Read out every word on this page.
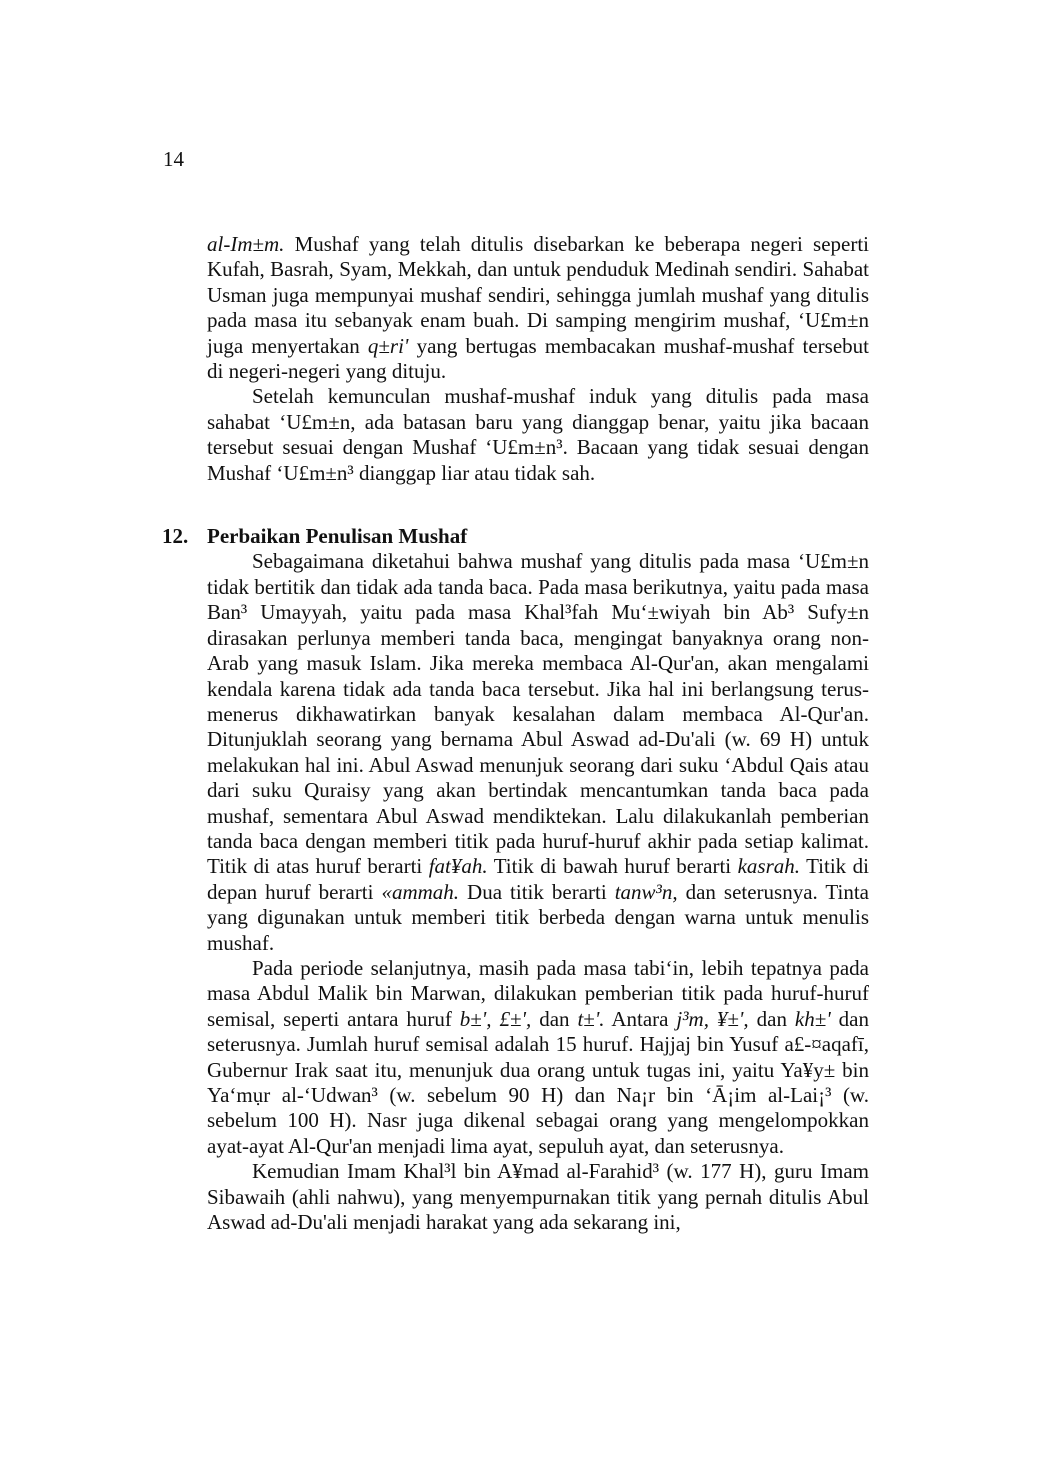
14

al-Im±m. Mushaf yang telah ditulis disebarkan ke beberapa negeri seperti Kufah, Basrah, Syam, Mekkah, dan untuk penduduk Medinah sendiri. Sahabat Usman juga mempunyai mushaf sendiri, sehingga jumlah mushaf yang ditulis pada masa itu sebanyak enam buah. Di samping mengirim mushaf, ‘U£m±n juga menyertakan q±ri' yang bertugas membacakan mushaf-mushaf tersebut di negeri-negeri yang dituju.

Setelah kemunculan mushaf-mushaf induk yang ditulis pada masa sahabat ‘U£m±n, ada batasan baru yang dianggap benar, yaitu jika bacaan tersebut sesuai dengan Mushaf ‘U£m±n³. Bacaan yang tidak sesuai dengan Mushaf ‘U£m±n³ dianggap liar atau tidak sah.

12. Perbaikan Penulisan Mushaf

Sebagaimana diketahui bahwa mushaf yang ditulis pada masa ‘U£m±n tidak bertitik dan tidak ada tanda baca. Pada masa berikutnya, yaitu pada masa Ban³ Umayyah, yaitu pada masa Khal³fah Mu‘±wiyah bin Ab³ Sufy±n dirasakan perlunya memberi tanda baca, mengingat banyaknya orang non-Arab yang masuk Islam. Jika mereka membaca Al-Qur'an, akan mengalami kendala karena tidak ada tanda baca tersebut. Jika hal ini berlangsung terus-menerus dikhawatirkan banyak kesalahan dalam membaca Al-Qur'an. Ditunjuklah seorang yang bernama Abul Aswad ad-Du'ali (w. 69 H) untuk melakukan hal ini. Abul Aswad menunjuk seorang dari suku ‘Abdul Qais atau dari suku Quraisy yang akan bertindak mencantumkan tanda baca pada mushaf, sementara Abul Aswad mendiktekan. Lalu dilakukanlah pemberian tanda baca dengan memberi titik pada huruf-huruf akhir pada setiap kalimat. Titik di atas huruf berarti fat¥ah. Titik di bawah huruf berarti kasrah. Titik di depan huruf berarti «ammah. Dua titik berarti tanw³n, dan seterusnya. Tinta yang digunakan untuk memberi titik berbeda dengan warna untuk menulis mushaf.

Pada periode selanjutnya, masih pada masa tabi‘in, lebih tepatnya pada masa Abdul Malik bin Marwan, dilakukan pemberian titik pada huruf-huruf semisal, seperti antara huruf b±', £±', dan t±'. Antara j³m, ¥±', dan kh±' dan seterusnya. Jumlah huruf semisal adalah 15 huruf. Hajjaj bin Yusuf a£-¤aqafī, Gubernur Irak saat itu, menunjuk dua orang untuk tugas ini, yaitu Ya¥y± bin Ya‘mụr al-‘Udwan³ (w. sebelum 90 H) dan Na¡r bin ‘Ā¡im al-Lai¡³ (w. sebelum 100 H). Nasr juga dikenal sebagai orang yang mengelompokkan ayat-ayat Al-Qur'an menjadi lima ayat, sepuluh ayat, dan seterusnya.

Kemudian Imam Khal³l bin A¥mad al-Farahid³ (w. 177 H), guru Imam Sibawaih (ahli nahwu), yang menyempurnakan titik yang pernah ditulis Abul Aswad ad-Du'ali menjadi harakat yang ada sekarang ini,
